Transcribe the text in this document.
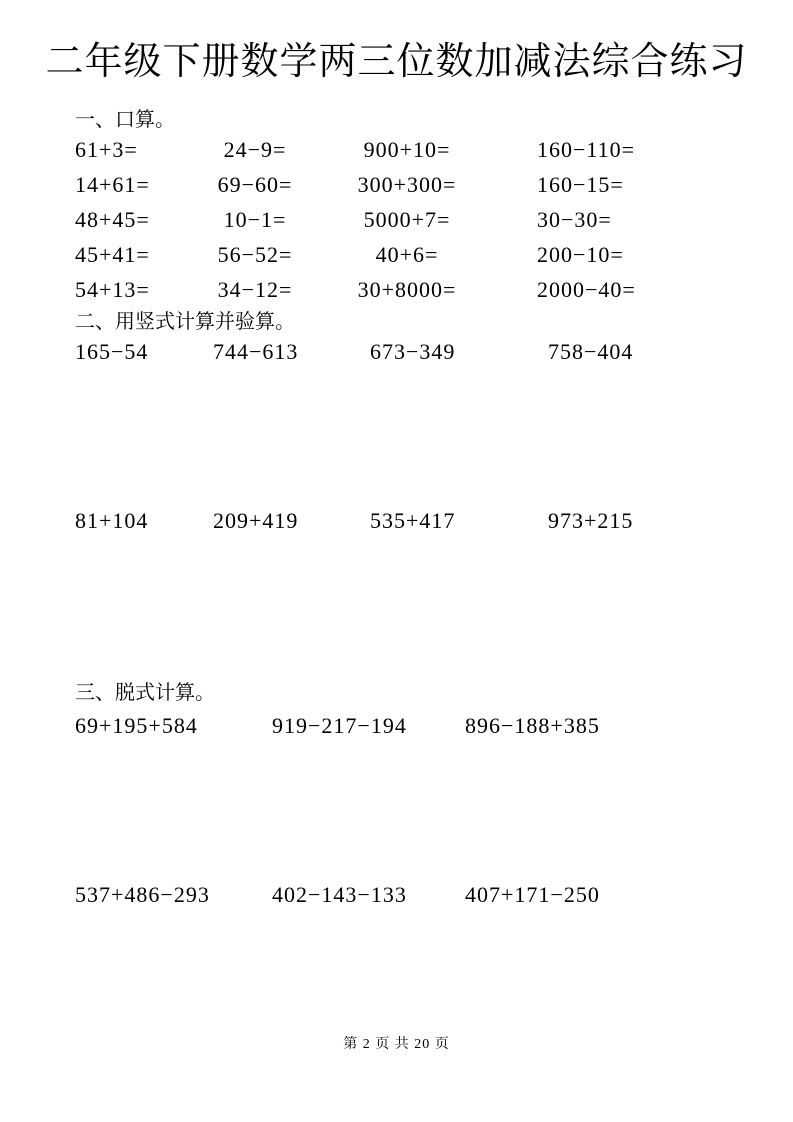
二年级下册数学两三位数加减法综合练习
一、口算。
61+3=	24−9=	900+10=	160−110=
14+61=	69−60=	300+300=	160−15=
48+45=	10−1=	5000+7=	30−30=
45+41=	56−52=	40+6=	200−10=
54+13=	34−12=	30+8000=	2000−40=
二、用竖式计算并验算。
165−54	744−613	673−349	758−404
81+104	209+419	535+417	973+215
三、脱式计算。
69+195+584	919−217−194	896−188+385
537+486−293	402−143−133	407+171−250
第 2 页 共 20 页
